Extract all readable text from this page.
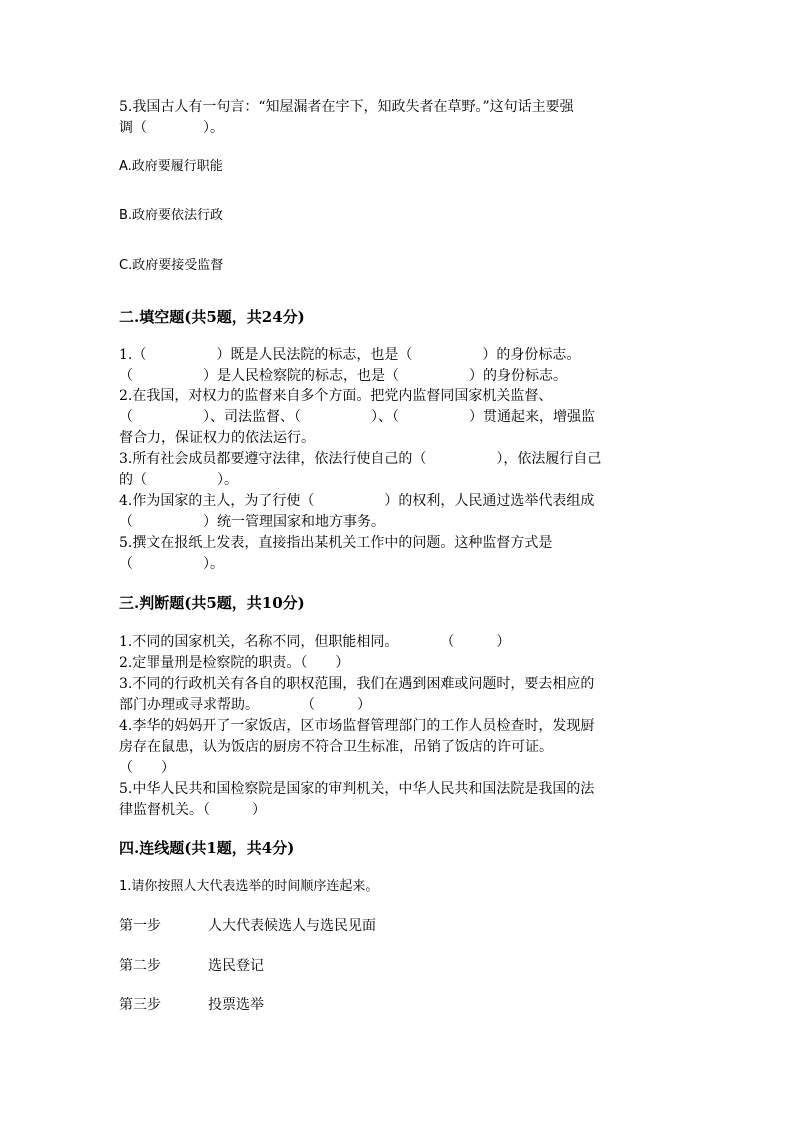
5.我国古人有一句言：“知屋漏者在宇下，知政失者在草野。”这句话主要强
调（　　　　）。
A.政府要履行职能
B.政府要依法行政
C.政府要接受监督
二.填空题(共5题，共24分)
1.（　　　　　）既是人民法院的标志，也是（　　　　　）的身份标志。
（　　　　　）是人民检察院的标志，也是（　　　　　）的身份标志。
2.在我国，对权力的监督来自多个方面。把党内监督同国家机关监督、
（　　　　　）、司法监督、（　　　　　）、（　　　　　）贯通起来，增强监
督合力，保证权力的依法运行。
3.所有社会成员都要遵守法律，依法行使自己的（　　　　　），依法履行自己
的（　　　　　）。
4.作为国家的主人，为了行使（　　　　　）的权利，人民通过选举代表组成
（　　　　　）统一管理国家和地方事务。
5.撰文在报纸上发表，直接指出某机关工作中的问题。这种监督方式是
（　　　　　）。
三.判断题(共5题，共10分)
1.不同的国家机关，名称不同，但职能相同。　　　　（　　　）
2.定罪量刑是检察院的职责。（　　）
3.不同的行政机关有各自的职权范围，我们在遇到困难或问题时，要去相应的
部门办理或寻求帮助。　　　　（　　　）
4.李华的妈妈开了一家饭店，区市场监督管理部门的工作人员检查时，发现厨
房存在鼠患，认为饭店的厨房不符合卫生标准，吊销了饭店的许可证。
（　　）
5.中华人民共和国检察院是国家的审判机关，中华人民共和国法院是我国的法
律监督机关。（　　　）
四.连线题(共1题，共4分)
1.请你按照人大代表选举的时间顺序连起来。
第一步	人大代表候选人与选民见面
第二步	选民登记
第三步	投票选举
